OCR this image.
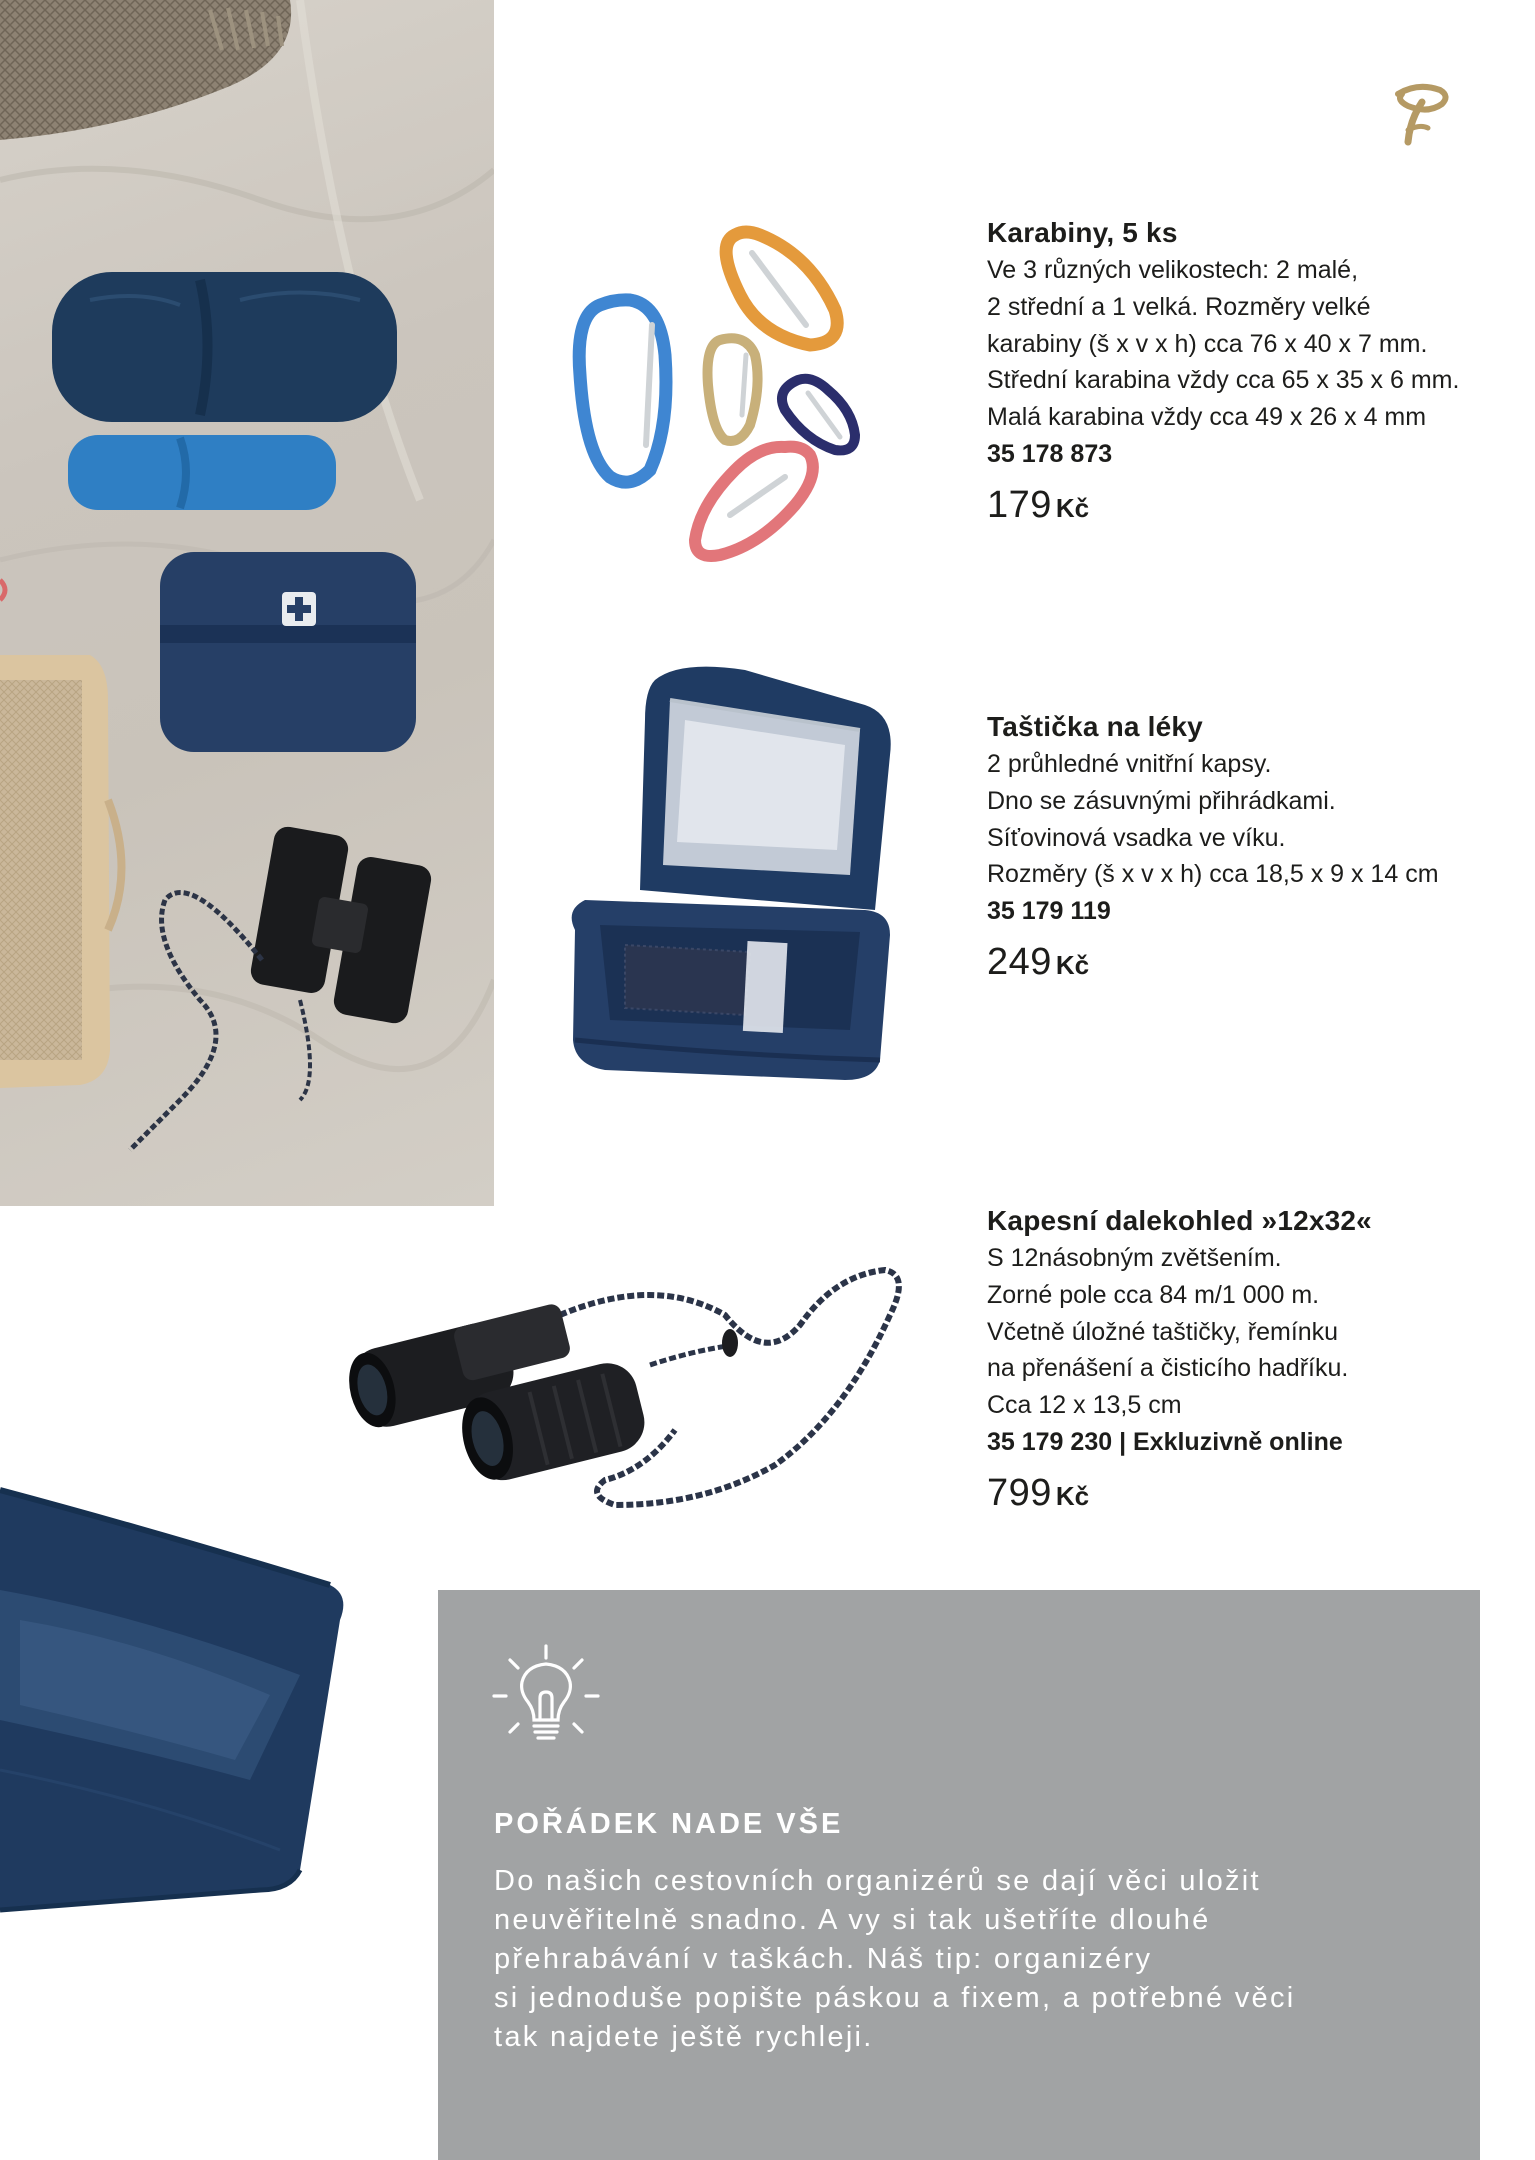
Karabiny, 5 ks
Ve 3 různých velikostech: 2 malé,
2 střední a 1 velká. Rozměry velké
karabiny (š x v x h) cca 76 x 40 x 7 mm.
Střední karabina vždy cca 65 x 35 x 6 mm.
Malá karabina vždy cca 49 x 26 x 4 mm
35 178 873
179 Kč
Taštička na léky
2 průhledné vnitřní kapsy.
Dno se zásuvnými přihrádkami.
Síťovinová vsadka ve víku.
Rozměry (š x v x h) cca 18,5 x 9 x 14 cm
35 179 119
249 Kč
Kapesní dalekohled »12x32«
S 12násobným zvětšením.
Zorné pole cca 84 m/1 000 m.
Včetně úložné taštičky, řemínku
na přenášení a čisticího hadříku.
Cca 12 x 13,5 cm
35 179 230 | Exkluzivně online
799 Kč
POŘÁDEK NADE VŠE
Do našich cestovních organizérů se dají věci uložit
neuvěřitelně snadno. A vy si tak ušetříte dlouhé
přehrabávání v taškách. Náš tip: organizéry
si jednoduše popište páskou a fixem, a potřebné věci
tak najdete ještě rychleji.
